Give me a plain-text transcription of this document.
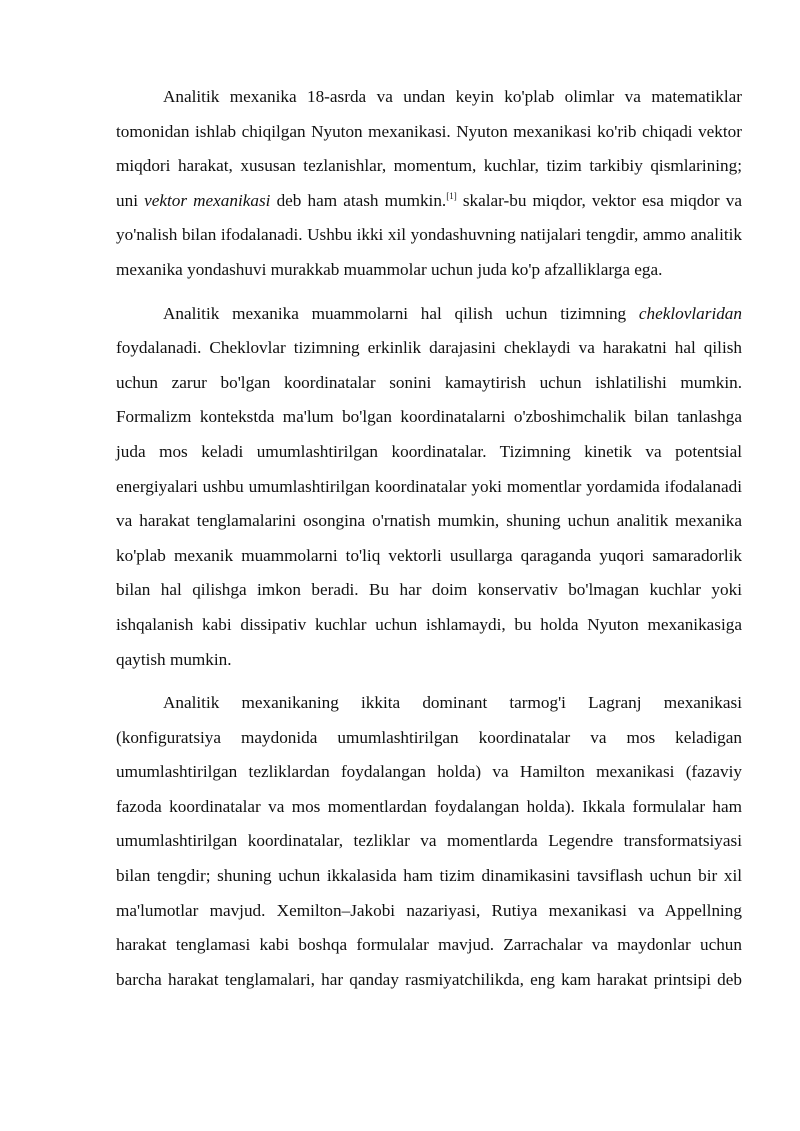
Analitik mexanika 18-asrda va undan keyin ko'plab olimlar va matematiklar tomonidan ishlab chiqilgan Nyuton mexanikasi. Nyuton mexanikasi ko'rib chiqadi vektor miqdori harakat, xususan tezlanishlar, momentum, kuchlar, tizim tarkibiy qismlarining; uni vektor mexanikasi deb ham atash mumkin.[1] skalar-bu miqdor, vektor esa miqdor va yo'nalish bilan ifodalanadi. Ushbu ikki xil yondashuvning natijalari tengdir, ammo analitik mexanika yondashuvi murakkab muammolar uchun juda ko'p afzalliklarga ega.

Analitik mexanika muammolarni hal qilish uchun tizimning cheklovlaridan foydalanadi. Cheklovlar tizimning erkinlik darajasini cheklaydi va harakatni hal qilish uchun zarur bo'lgan koordinatalar sonini kamaytirish uchun ishlatilishi mumkin. Formalizm kontekstda ma'lum bo'lgan koordinatalarni o'zboshimchalik bilan tanlashga juda mos keladi umumlashtirilgan koordinatalar. Tizimning kinetik va potentsial energiyalari ushbu umumlashtirilgan koordinatalar yoki momentlar yordamida ifodalanadi va harakat tenglamalarini osongina o'rnatish mumkin, shuning uchun analitik mexanika ko'plab mexanik muammolarni to'liq vektorli usullarga qaraganda yuqori samaradorlik bilan hal qilishga imkon beradi. Bu har doim konservativ bo'lmagan kuchlar yoki ishqalanish kabi dissipativ kuchlar uchun ishlamaydi, bu holda Nyuton mexanikasiga qaytish mumkin.

Analitik mexanikaning ikkita dominant tarmog'i Lagranj mexanikasi (konfiguratsiya maydonida umumlashtirilgan koordinatalar va mos keladigan umumlashtirilgan tezliklardan foydalangan holda) va Hamilton mexanikasi (fazaviy fazoda koordinatalar va mos momentlardan foydalangan holda). Ikkala formulalar ham umumlashtirilgan koordinatalar, tezliklar va momentlarda Legendre transformatsiyasi bilan tengdir; shuning uchun ikkalasida ham tizim dinamikasini tavsiflash uchun bir xil ma'lumotlar mavjud. Xemilton–Jakobi nazariyasi, Rutiya mexanikasi va Appellning harakat tenglamasi kabi boshqa formulalar mavjud. Zarrachalar va maydonlar uchun barcha harakat tenglamalari, har qanday rasmiyatchilikda, eng kam harakat printsipi deb
